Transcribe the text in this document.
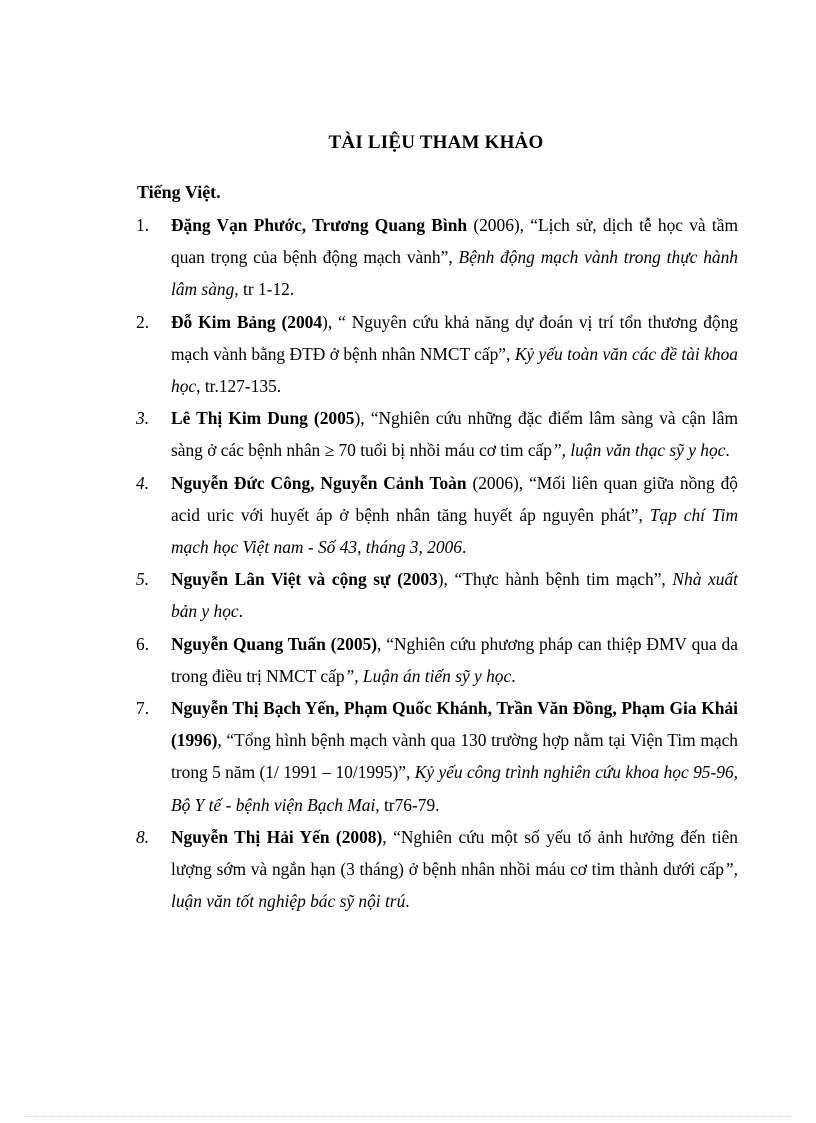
TÀI LIỆU THAM KHẢO
Tiếng Việt.
1. Đặng Vạn Phước, Trương Quang Bình (2006), “Lịch sử, dịch tễ học và tầm quan trọng của bệnh động mạch vành”, Bệnh động mạch vành trong thực hành lâm sàng, tr 1-12.
2. Đỗ Kim Bảng (2004), “ Nguyên cứu khả năng dự đoán vị trí tổn thương động mạch vành bằng ĐTĐ ở bệnh nhân NMCT cấp”, Kỷ yếu toàn văn các đề tài khoa học, tr.127-135.
3. Lê Thị Kim Dung (2005), “Nghiên cứu những đặc điểm lâm sàng và cận lâm sàng ở các bệnh nhân ≥ 70 tuổi bị nhồi máu cơ tim cấp”, luận văn thạc sỹ y học.
4. Nguyễn Đức Công, Nguyễn Cảnh Toàn (2006), “Mối liên quan giữa nồng độ acid uric với huyết áp ở bệnh nhân tăng huyết áp nguyên phát”, Tạp chí Tim mạch học Việt nam - Số 43, tháng 3, 2006.
5. Nguyễn Lân Việt và cộng sự (2003), “Thực hành bệnh tim mạch”, Nhà xuất bản y học.
6. Nguyễn Quang Tuấn (2005), “Nghiên cứu phương pháp can thiệp ĐMV qua da trong điều trị NMCT cấp”, Luận án tiến sỹ y học.
7. Nguyễn Thị Bạch Yến, Phạm Quốc Khánh, Trần Văn Đồng, Phạm Gia Khải (1996), “Tổng hình bệnh mạch vành qua 130 trường hợp nằm tại Viện Tim mạch trong 5 năm (1/ 1991 – 10/1995)”, Kỷ yếu công trình nghiên cứu khoa học 95-96, Bộ Y tế - bệnh viện Bạch Mai, tr76-79.
8. Nguyễn Thị Hải Yến (2008), “Nghiên cứu một số yếu tố ảnh hưởng đến tiên lượng sớm và ngắn hạn (3 tháng) ở bệnh nhân nhồi máu cơ tim thành dưới cấp”, luận văn tốt nghiệp bác sỹ nội trú.
